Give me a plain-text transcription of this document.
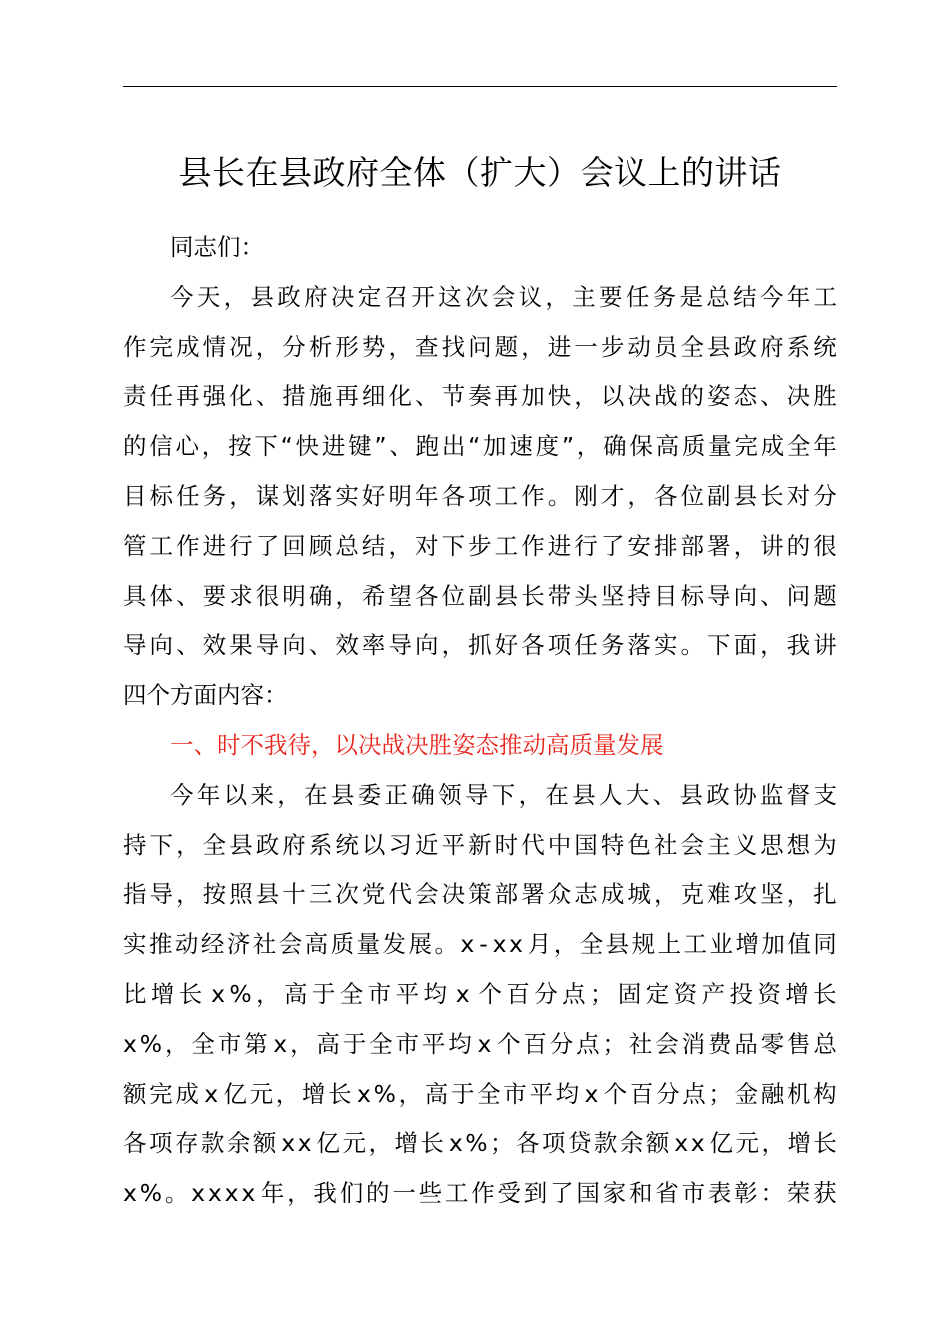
县长在县政府全体（扩大）会议上的讲话
同志们：
今 天 ， 县 政 府 决 定 召 开 这 次 会 议 ， 主 要 任 务 是 总 结 今 年 工
作 完 成 情 况 ， 分 析 形 势 ， 查 找 问 题 ， 进 一 步 动 员 全 县 政 府 系 统
责 任 再 强 化 、 措 施 再 细 化 、 节 奏 再 加 快 ， 以 决 战 的 姿 态 、 决 胜
的 信 心 ， 按 下 “ 快 进 键 ” 、 跑 出 “ 加 速 度 ” ， 确 保 高 质 量 完 成 全 年
目 标 任 务 ， 谋 划 落 实 好 明 年 各 项 工 作 。 刚 才 ， 各 位 副 县 长 对 分
管 工 作 进 行 了 回 顾 总 结 ， 对 下 步 工 作 进 行 了 安 排 部 署 ， 讲 的 很
具 体 、 要 求 很 明 确 ， 希 望 各 位 副 县 长 带 头 坚 持 目 标 导 向 、 问 题
导 向 、 效 果 导 向 、 效 率 导 向 ， 抓 好 各 项 任 务 落 实 。 下 面 ， 我 讲
四个方面内容：
一、时不我待，以决战决胜姿态推动高质量发展
今 年 以 来 ， 在 县 委 正 确 领 导 下 ， 在 县 人 大 、 县 政 协 监 督 支
持 下 ， 全 县 政 府 系 统 以 习 近 平 新 时 代 中 国 特 色 社 会 主 义 思 想 为
指 导 ， 按 照 县 十 三 次 党 代 会 决 策 部 署 众 志 成 城 ， 克 难 攻 坚 ， 扎
实 推 动 经 济 社 会 高 质 量 发 展 。 x - x x 月 ， 全 县 规 上 工 业 增 加 值 同
比 增 长 x % ， 高 于 全 市 平 均 x 个 百 分 点 ； 固 定 资 产 投 资 增 长
x % ， 全 市 第 x ， 高 于 全 市 平 均 x 个 百 分 点 ； 社 会 消 费 品 零 售 总
额 完 成 x 亿 元 ， 增 长 x % ， 高 于 全 市 平 均 x 个 百 分 点 ； 金 融 机 构
各 项 存 款 余 额 x x 亿 元 ， 增 长 x % ； 各 项 贷 款 余 额 x x 亿 元 ， 增 长
x % 。 x x x x 年 ， 我 们 的 一 些 工 作 受 到 了 国 家 和 省 市 表 彰 ： 荣 获
